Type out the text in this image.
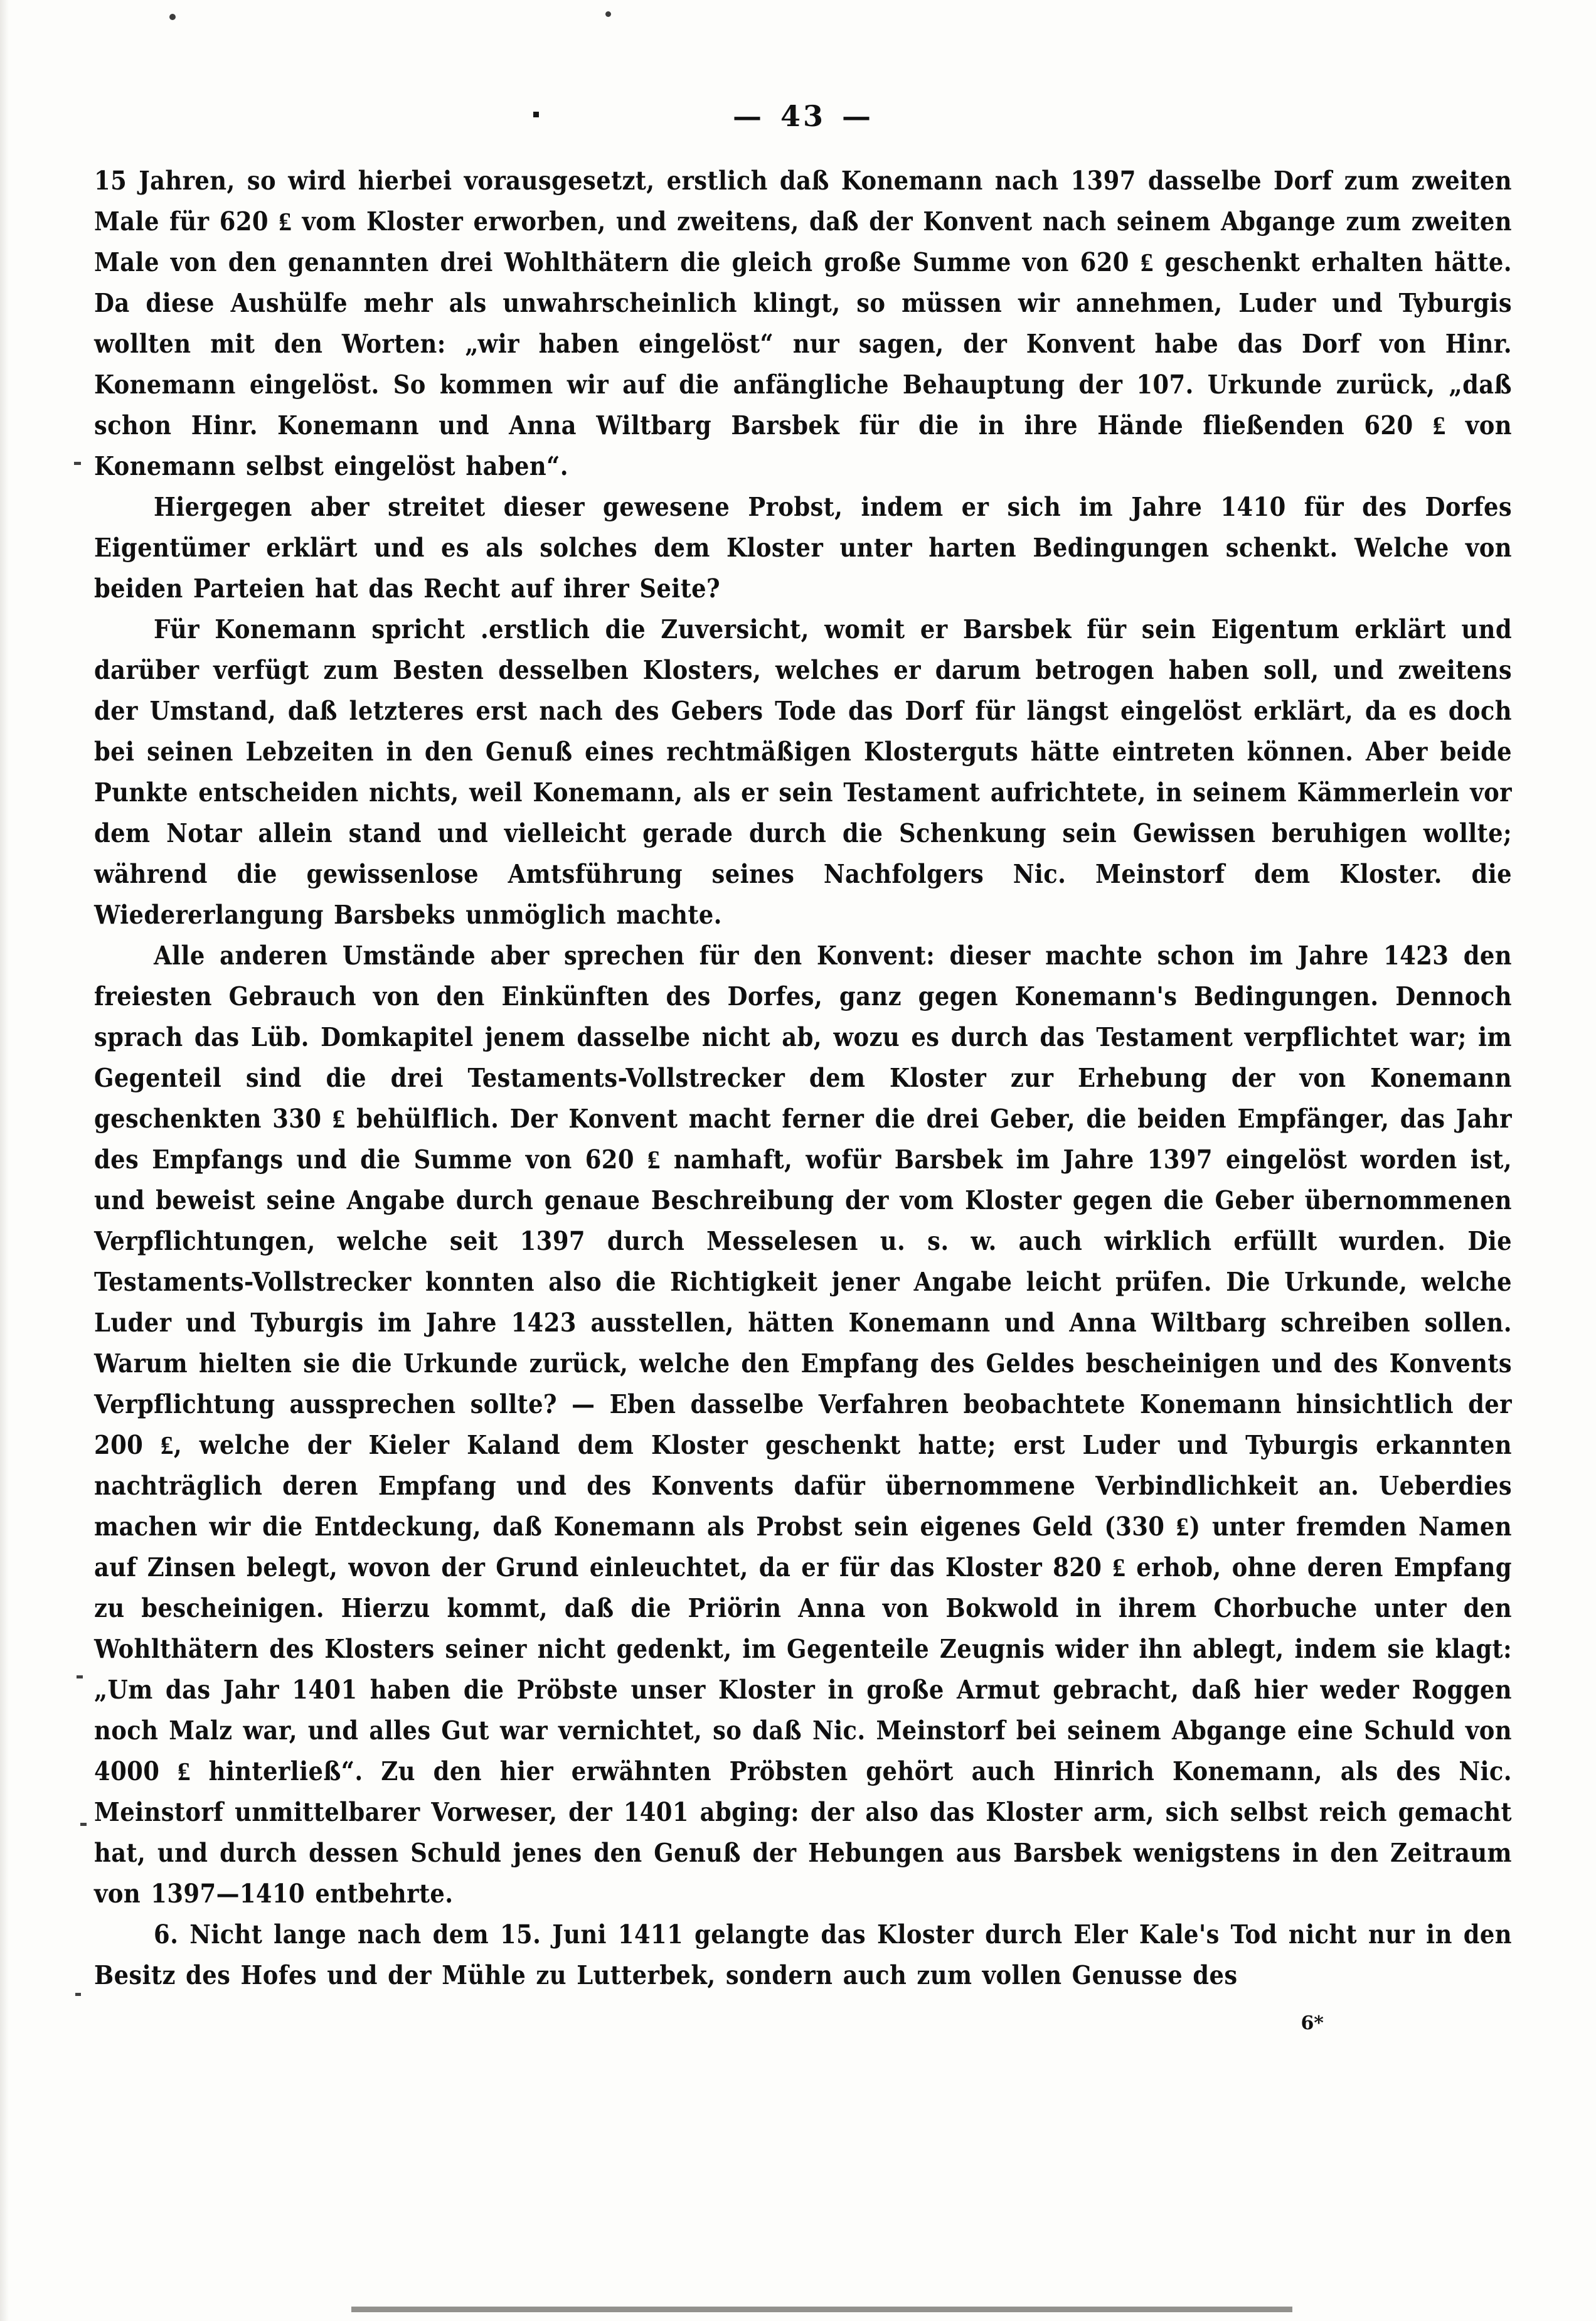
— 43 —

15 Jahren, so wird hierbei vorausgesetzt, erstlich daß Konemann nach 1397 dasselbe Dorf zum zweiten Male für 620 ₤ vom Kloster erworben, und zweitens, daß der Konvent nach seinem Abgange zum zweiten Male von den genannten drei Wohlthätern die gleich große Summe von 620 ₤ geschenkt erhalten hätte. Da diese Aushülfe mehr als unwahrscheinlich klingt, so müssen wir annehmen, Luder und Tyburgis wollten mit den Worten: „wir haben eingelöst“ nur sagen, der Konvent habe das Dorf von Hinr. Konemann eingelöst. So kommen wir auf die anfängliche Behauptung der 107. Urkunde zurück, „daß schon Hinr. Konemann und Anna Wiltbarg Barsbek für die in ihre Hände fließenden 620 ₤ von Konemann selbst eingelöst haben“.

Hiergegen aber streitet dieser gewesene Probst, indem er sich im Jahre 1410 für des Dorfes Eigentümer erklärt und es als solches dem Kloster unter harten Bedingungen schenkt. Welche von beiden Parteien hat das Recht auf ihrer Seite?

Für Konemann spricht .erstlich die Zuversicht, womit er Barsbek für sein Eigentum erklärt und darüber verfügt zum Besten desselben Klosters, welches er darum betrogen haben soll, und zweitens der Umstand, daß letzteres erst nach des Gebers Tode das Dorf für längst eingelöst erklärt, da es doch bei seinen Lebzeiten in den Genuß eines rechtmäßigen Klosterguts hätte eintreten können. Aber beide Punkte entscheiden nichts, weil Konemann, als er sein Testament aufrichtete, in seinem Kämmerlein vor dem Notar allein stand und vielleicht gerade durch die Schenkung sein Gewissen beruhigen wollte; während die gewissenlose Amtsführung seines Nachfolgers Nic. Meinstorf dem Kloster. die Wiedererlangung Barsbeks unmöglich machte.

Alle anderen Umstände aber sprechen für den Konvent: dieser machte schon im Jahre 1423 den freiesten Gebrauch von den Einkünften des Dorfes, ganz gegen Konemann's Bedingungen. Dennoch sprach das Lüb. Domkapitel jenem dasselbe nicht ab, wozu es durch das Testament verpflichtet war; im Gegenteil sind die drei Testaments-Vollstrecker dem Kloster zur Erhebung der von Konemann geschenkten 330 ₤ behülflich. Der Konvent macht ferner die drei Geber, die beiden Empfänger, das Jahr des Empfangs und die Summe von 620 ₤ namhaft, wofür Barsbek im Jahre 1397 eingelöst worden ist, und beweist seine Angabe durch genaue Beschreibung der vom Kloster gegen die Geber übernommenen Verpflichtungen, welche seit 1397 durch Messelesen u. s. w. auch wirklich erfüllt wurden. Die Testaments-Vollstrecker konnten also die Richtigkeit jener Angabe leicht prüfen. Die Urkunde, welche Luder und Tyburgis im Jahre 1423 ausstellen, hätten Konemann und Anna Wiltbarg schreiben sollen. Warum hielten sie die Urkunde zurück, welche den Empfang des Geldes bescheinigen und des Konvents Verpflichtung aussprechen sollte? — Eben dasselbe Verfahren beobachtete Konemann hinsichtlich der 200 ₤, welche der Kieler Kaland dem Kloster geschenkt hatte; erst Luder und Tyburgis erkannten nachträglich deren Empfang und des Konvents dafür übernommene Verbindlichkeit an. Ueberdies machen wir die Entdeckung, daß Konemann als Probst sein eigenes Geld (330 ₤) unter fremden Namen auf Zinsen belegt, wovon der Grund einleuchtet, da er für das Kloster 820 ₤ erhob, ohne deren Empfang zu bescheinigen. Hierzu kommt, daß die Priörin Anna von Bokwold in ihrem Chorbuche unter den Wohlthätern des Klosters seiner nicht gedenkt, im Gegenteile Zeugnis wider ihn ablegt, indem sie klagt: „Um das Jahr 1401 haben die Pröbste unser Kloster in große Armut gebracht, daß hier weder Roggen noch Malz war, und alles Gut war vernichtet, so daß Nic. Meinstorf bei seinem Abgange eine Schuld von 4000 ₤ hinterließ“. Zu den hier erwähnten Pröbsten gehört auch Hinrich Konemann, als des Nic. Meinstorf unmittelbarer Vorweser, der 1401 abging: der also das Kloster arm, sich selbst reich gemacht hat, und durch dessen Schuld jenes den Genuß der Hebungen aus Barsbek wenigstens in den Zeitraum von 1397—1410 entbehrte.

6. Nicht lange nach dem 15. Juni 1411 gelangte das Kloster durch Eler Kale's Tod nicht nur in den Besitz des Hofes und der Mühle zu Lutterbek, sondern auch zum vollen Genusse des

6*
